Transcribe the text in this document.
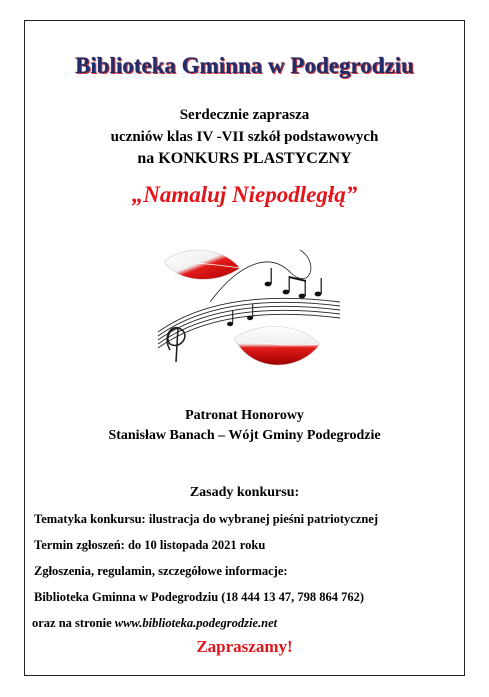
Biblioteka Gminna w Podegrodziu
Serdecznie zaprasza
uczniów klas IV -VII szkół podstawowych
na KONKURS PLASTYCZNY
„Namaluj Niepodległą”
Patronat Honorowy
Stanisław Banach – Wójt Gminy Podegrodzie
Zasady konkursu:
Tematyka konkursu: ilustracja do wybranej pieśni patriotycznej
Termin zgłoszeń: do 10 listopada 2021 roku
Zgłoszenia, regulamin, szczegółowe informacje:
Biblioteka Gminna w Podegrodziu (18 444 13 47, 798 864 762)
oraz na stronie www.biblioteka.podegrodzie.net
Zapraszamy!
